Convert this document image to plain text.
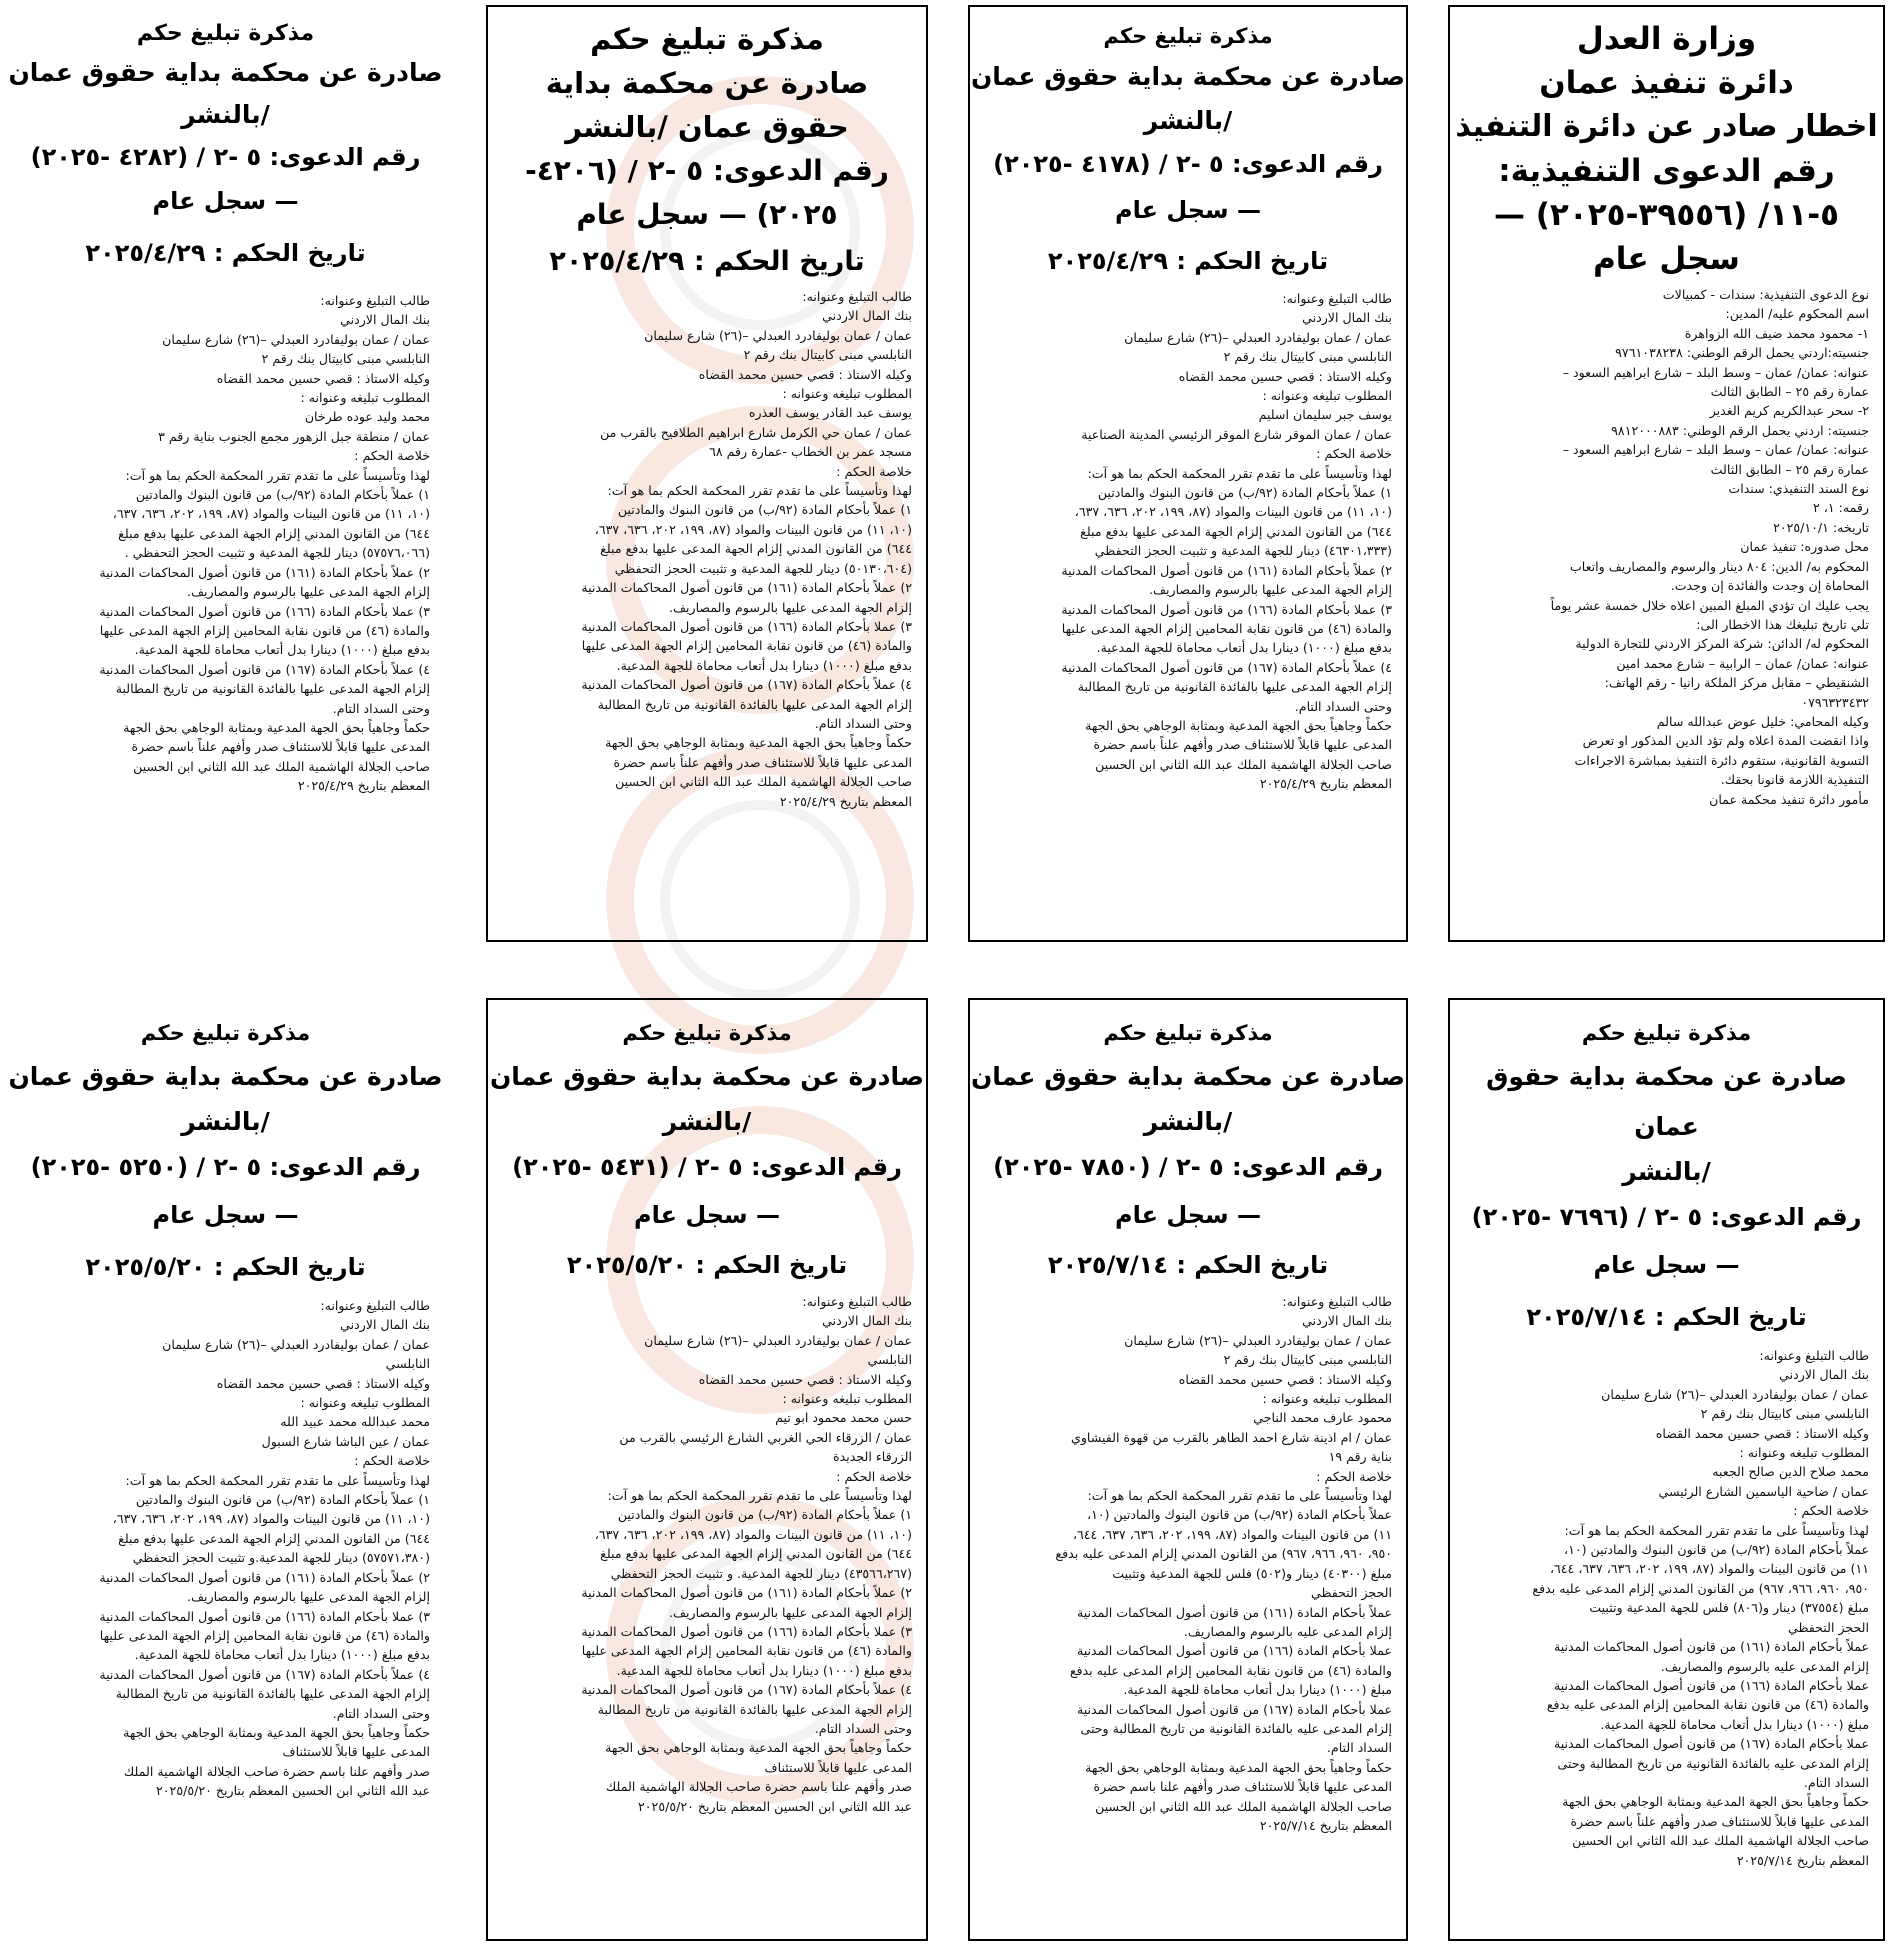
وزارة العدل
دائرة تنفيذ عمان
اخطار صادر عن دائرة التنفيذ
رقم الدعوى التنفيذية:
٥-١١/ (٣٩٥٥٦-٢٠٢٥) —
سجل عام
نوع الدعوى التنفيذية: سندات - كمبيالات
اسم المحكوم عليه/ المدين:
١- محمود محمد ضيف الله الزواهرة
جنسيته:اردني يحمل الرقم الوطني: ٩٧٦١٠٣٨٢٣٨
عنوانه: عمان/ عمان – وسط البلد – شارع ابراهيم السعود –
عمارة رقم ٢٥ – الطابق الثالث
٢- سحر عبدالكريم كريم الغدير
جنسيته: اردني يحمل الرقم الوطني: ٩٨١٢٠٠٠٨٨٣
عنوانه: عمان/ عمان – وسط البلد – شارع ابراهيم السعود –
عمارة رقم ٢٥ – الطابق الثالث
نوع السند التنفيذي: سندات
رقمه: ١، ٢
تاريخه: ٢٠٢٥/١٠/١
محل صدوره: تنفيذ عمان
المحكوم به/ الدين: ٨٠٤ دينار والرسوم والمصاريف واتعاب
المحاماة إن وجدت والفائدة إن وجدت.
يجب عليك ان تؤدي المبلغ المبين اعلاه خلال خمسة عشر يوماً
تلي تاريخ تبليغك هذا الاخطار الى:
المحكوم له/ الدائن: شركة المركز الاردني للتجارة الدولية
عنوانه: عمان/ عمان – الرابية – شارع محمد امين
الشنقيطي – مقابل مركز الملكة رانيا - رقم الهاتف:
٠٧٩٦٣٢٣٤٣٢
وكيله المحامي: خليل عوض عبدالله سالم
واذا انقضت المدة اعلاه ولم تؤد الدين المذكور او تعرض
التسوية القانونية، ستقوم دائرة التنفيذ بمباشرة الاجراءات
التنفيذية اللازمة قانونا بحقك.
مأمور دائرة تنفيذ محكمة عمان
مذكرة تبليغ حكم
صادرة عن محكمة بداية حقوق عمان
/بالنشر
رقم الدعوى: ٥ -٢ / (٤١٧٨ -٢٠٢٥)
— سجل عام
تاريخ الحكم : ٢٠٢٥/٤/٢٩
طالب التبليغ وعنوانه:
بنك المال الاردني
عمان / عمان بوليفادرد العبدلي –(٢٦) شارع سليمان
النابلسي مبنى كابيتال بنك رقم ٢
وكيله الاستاذ : قصي حسين محمد القضاه
المطلوب تبليغه وعنوانه :
يوسف جبر سليمان اسليم
عمان / عمان الموقر شارع الموقر الرئيسي المدينة الصناعية
خلاصة الحكم :
لهذا وتأسيساً على ما تقدم تقرر المحكمة الحكم بما هو آت:
١) عملاً بأحكام المادة (٩٢/ب) من قانون البنوك والمادتين
(١٠، ١١) من قانون البينات والمواد (٨٧، ١٩٩، ٢٠٢، ٦٣٦، ٦٣٧،
٦٤٤) من القانون المدني إلزام الجهة المدعى عليها بدفع مبلغ
(٤٦٣٠١،٣٣٣) دينار للجهة المدعية و تثبيت الحجز التحفظي
٢) عملاً بأحكام المادة (١٦١) من قانون أصول المحاكمات المدنية
إلزام الجهة المدعى عليها بالرسوم والمصاريف.
٣) عملا بأحكام المادة (١٦٦) من قانون أصول المحاكمات المدنية
والمادة (٤٦) من قانون نقابة المحامين إلزام الجهة المدعى عليها
بدفع مبلغ (١٠٠٠) دينارا بدل أتعاب محاماة للجهة المدعية.
٤) عملاً بأحكام المادة (١٦٧) من قانون أصول المحاكمات المدنية
إلزام الجهة المدعى عليها بالفائدة القانونية من تاريخ المطالبة
وحتى السداد التام.
حكماً وجاهياً بحق الجهة المدعية وبمثابة الوجاهي بحق الجهة
المدعى عليها قابلاً للاستئناف صدر وأفهم علناً باسم حضرة
صاحب الجلالة الهاشمية الملك عبد الله الثاني ابن الحسين
المعظم بتاريخ ٢٠٢٥/٤/٢٩
مذكرة تبليغ حكم
صادرة عن محكمة بداية
حقوق عمان /بالنشر
رقم الدعوى: ٥ -٢ / (٤٢٠٦-
٢٠٢٥) — سجل عام
تاريخ الحكم : ٢٠٢٥/٤/٢٩
طالب التبليغ وعنوانه:
بنك المال الاردني
عمان / عمان بوليفادرد العبدلي –(٢٦) شارع سليمان
النابلسي مبنى كابيتال بنك رقم ٢
وكيله الاستاذ : قصي حسين محمد القضاه
المطلوب تبليغه وعنوانه :
يوسف عبد القادر يوسف العذره
عمان / عمان حي الكرمل شارع ابراهيم الطلافيح بالقرب من
مسجد عمر بن الخطاب -عمارة رقم ٦٨
خلاصة الحكم :
لهذا وتأسيساً على ما تقدم تقرر المحكمة الحكم بما هو آت:
١) عملاً بأحكام المادة (٩٢/ب) من قانون البنوك والمادتين
(١٠، ١١) من قانون البينات والمواد (٨٧، ١٩٩، ٢٠٢، ٦٣٦، ٦٣٧،
٦٤٤) من القانون المدني إلزام الجهة المدعى عليها بدفع مبلغ
(٥٠١٣٠،٦٠٤) دينار للجهة المدعية و تثبيت الحجز التحفظي
٢) عملاً بأحكام المادة (١٦١) من قانون أصول المحاكمات المدنية
إلزام الجهة المدعى عليها بالرسوم والمصاريف.
٣) عملا بأحكام المادة (١٦٦) من قانون أصول المحاكمات المدنية
والمادة (٤٦) من قانون نقابة المحامين إلزام الجهة المدعى عليها
بدفع مبلغ (١٠٠٠) دينارا بدل أتعاب محاماة للجهة المدعية.
٤) عملاً بأحكام المادة (١٦٧) من قانون أصول المحاكمات المدنية
إلزام الجهة المدعى عليها بالفائدة القانونية من تاريخ المطالبة
وحتى السداد التام.
حكماً وجاهياً بحق الجهة المدعية وبمثابة الوجاهي بحق الجهة
المدعى عليها قابلاً للاستئناف صدر وأفهم علناً باسم حضرة
صاحب الجلالة الهاشمية الملك عبد الله الثاني ابن الحسين
المعظم بتاريخ ٢٠٢٥/٤/٢٩
مذكرة تبليغ حكم
صادرة عن محكمة بداية حقوق عمان
/بالنشر
رقم الدعوى: ٥ -٢ / (٤٢٨٢ -٢٠٢٥)
— سجل عام
تاريخ الحكم : ٢٠٢٥/٤/٢٩
طالب التبليغ وعنوانه:
بنك المال الاردني
عمان / عمان بوليفادرد العبدلي –(٢٦) شارع سليمان
النابلسي مبنى كابيتال بنك رقم ٢
وكيله الاستاذ : قصي حسين محمد القضاه
المطلوب تبليغه وعنوانه :
محمد وليد عوده طرخان
عمان / منطقة جبل الزهور مجمع الجنوب بناية رقم ٣
خلاصة الحكم :
لهذا وتأسيساً على ما تقدم تقرر المحكمة الحكم بما هو آت:
١) عملاً بأحكام المادة (٩٢/ب) من قانون البنوك والمادتين
(١٠، ١١) من قانون البينات والمواد (٨٧، ١٩٩، ٢٠٢، ٦٣٦، ٦٣٧،
٦٤٤) من القانون المدني إلزام الجهة المدعى عليها بدفع مبلغ
(٥٧٥٧٦،٠٦٦) دينار للجهة المدعية و تثبيت الحجز التحفظي .
٢) عملاً بأحكام المادة (١٦١) من قانون أصول المحاكمات المدنية
إلزام الجهة المدعى عليها بالرسوم والمصاريف.
٣) عملا بأحكام المادة (١٦٦) من قانون أصول المحاكمات المدنية
والمادة (٤٦) من قانون نقابة المحامين إلزام الجهة المدعى عليها
بدفع مبلغ (١٠٠٠) دينارا بدل أتعاب محاماة للجهة المدعية.
٤) عملاً بأحكام المادة (١٦٧) من قانون أصول المحاكمات المدنية
إلزام الجهة المدعى عليها بالفائدة القانونية من تاريخ المطالبة
وحتى السداد التام.
حكماً وجاهياً بحق الجهة المدعية وبمثابة الوجاهي بحق الجهة
المدعى عليها قابلاً للاستئناف صدر وأفهم علناً باسم حضرة
صاحب الجلالة الهاشمية الملك عبد الله الثاني ابن الحسين
المعظم بتاريخ ٢٠٢٥/٤/٢٩
مذكرة تبليغ حكم
صادرة عن محكمة بداية حقوق عمان
/بالنشر
رقم الدعوى: ٥ -٢ / (٧٦٩٦ -٢٠٢٥)
— سجل عام
تاريخ الحكم : ٢٠٢٥/٧/١٤
طالب التبليغ وعنوانه:
بنك المال الاردني
عمان / عمان بوليفادرد العبدلي –(٢٦) شارع سليمان
النابلسي مبنى كابيتال بنك رقم ٢
وكيله الاستاذ : قصي حسين محمد القضاه
المطلوب تبليغه وعنوانه :
محمد صلاح الدين صالح الجعبه
عمان / ضاحية الياسمين الشارع الرئيسي
خلاصة الحكم :
لهذا وتأسيساً على ما تقدم تقرر المحكمة الحكم بما هو آت:
عملاً بأحكام المادة (٩٢/ب) من قانون البنوك والمادتين (١٠،
١١) من قانون البينات والمواد (٨٧، ١٩٩، ٢٠٢، ٦٣٦، ٦٣٧، ٦٤٤،
٩٥٠، ٩٦٠، ٩٦٦، ٩٦٧) من القانون المدني إلزام المدعى عليه بدفع
مبلغ (٣٧٥٥٤) دينار و(٨٠٦) فلس للجهة المدعية وتثبيت
الحجز التحفظي
عملاً بأحكام المادة (١٦١) من قانون أصول المحاكمات المدنية
إلزام المدعى عليه بالرسوم والمصاريف.
عملا بأحكام المادة (١٦٦) من قانون أصول المحاكمات المدنية
والمادة (٤٦) من قانون نقابة المحامين إلزام المدعى عليه بدفع
مبلغ (١٠٠٠) دينارا بدل أتعاب محاماة للجهة المدعية.
عملا بأحكام المادة (١٦٧) من قانون أصول المحاكمات المدنية
إلزام المدعى عليه بالفائدة القانونية من تاريخ المطالبة وحتى
السداد التام.
حكماً وجاهياً بحق الجهة المدعية وبمثابة الوجاهي بحق الجهة
المدعى عليها قابلاً للاستئناف صدر وأفهم علناً باسم حضرة
صاحب الجلالة الهاشمية الملك عبد الله الثاني ابن الحسين
المعظم بتاريخ ٢٠٢٥/٧/١٤
مذكرة تبليغ حكم
صادرة عن محكمة بداية حقوق عمان
/بالنشر
رقم الدعوى: ٥ -٢ / (٧٨٥٠ -٢٠٢٥)
— سجل عام
تاريخ الحكم : ٢٠٢٥/٧/١٤
طالب التبليغ وعنوانه:
بنك المال الاردني
عمان / عمان بوليفادرد العبدلي –(٢٦) شارع سليمان
النابلسي مبنى كابيتال بنك رقم ٢
وكيله الاستاذ : قصي حسين محمد القضاه
المطلوب تبليغه وعنوانه :
محمود عارف محمد الناجي
عمان / ام اذينة شارع احمد الطاهر بالقرب من قهوة الفيشاوي
بناية رقم ١٩
خلاصة الحكم :
لهذا وتأسيساً على ما تقدم تقرر المحكمة الحكم بما هو آت:
عملاً بأحكام المادة (٩٢/ب) من قانون البنوك والمادتين (١٠،
١١) من قانون البينات والمواد (٨٧، ١٩٩، ٢٠٢، ٦٣٦، ٦٣٧، ٦٤٤،
٩٥٠، ٩٦٠، ٩٦٦، ٩٦٧) من القانون المدني إلزام المدعى عليه بدفع
مبلغ (٤٠٣٠٠) دينار و(٥٠٢) فلس للجهة المدعية وتثبيت
الحجز التحفظي
عملاً بأحكام المادة (١٦١) من قانون أصول المحاكمات المدنية
إلزام المدعى عليه بالرسوم والمصاريف.
عملا بأحكام المادة (١٦٦) من قانون أصول المحاكمات المدنية
والمادة (٤٦) من قانون نقابة المحامين إلزام المدعى عليه بدفع
مبلغ (١٠٠٠) دينارا بدل أتعاب محاماة للجهة المدعية.
عملا بأحكام المادة (١٦٧) من قانون أصول المحاكمات المدنية
إلزام المدعى عليه بالفائدة القانونية من تاريخ المطالبة وحتى
السداد التام.
حكماً وجاهياً بحق الجهة المدعية وبمثابة الوجاهي بحق الجهة
المدعى عليها قابلاً للاستئناف صدر وأفهم علنا باسم حضرة
صاحب الجلالة الهاشمية الملك عبد الله الثاني ابن الحسين
المعظم بتاريخ ٢٠٢٥/٧/١٤
مذكرة تبليغ حكم
صادرة عن محكمة بداية حقوق عمان
/بالنشر
رقم الدعوى: ٥ -٢ / (٥٤٣١ -٢٠٢٥)
— سجل عام
تاريخ الحكم : ٢٠٢٥/٥/٢٠
طالب التبليغ وعنوانه:
بنك المال الاردني
عمان / عمان بوليفادرد العبدلي –(٢٦) شارع سليمان
النابلسي
وكيله الاستاذ : قصي حسين محمد القضاه
المطلوب تبليغه وعنوانه :
حسن محمد محمود ابو تيم
عمان / الزرقاء الحي الغربي الشارع الرئيسي بالقرب من
الزرقاء الجديدة
خلاصة الحكم :
لهذا وتأسيساً على ما تقدم تقرر المحكمة الحكم بما هو آت:
١) عملاً بأحكام المادة (٩٢/ب) من قانون البنوك والمادتين
(١٠، ١١) من قانون البينات والمواد (٨٧، ١٩٩، ٢٠٢، ٦٣٦، ٦٣٧،
٦٤٤) من القانون المدني إلزام الجهة المدعى عليها بدفع مبلغ
(٤٣٥٦٦،٢٦٧) دينار للجهة المدعية. و تثبيت الحجز التحفظي
٢) عملاً بأحكام المادة (١٦١) من قانون أصول المحاكمات المدنية
إلزام الجهة المدعى عليها بالرسوم والمصاريف.
٣) عملا بأحكام المادة (١٦٦) من قانون أصول المحاكمات المدنية
والمادة (٤٦) من قانون نقابة المحامين إلزام الجهة المدعى عليها
بدفع مبلغ (١٠٠٠) دينارا بدل أتعاب محاماة للجهة المدعية.
٤) عملاً بأحكام المادة (١٦٧) من قانون أصول المحاكمات المدنية
إلزام الجهة المدعى عليها بالفائدة القانونية من تاريخ المطالبة
وحتى السداد التام.
حكماً وجاهياً بحق الجهة المدعية وبمثابة الوجاهي بحق الجهة
المدعى عليها قابلاً للاستئناف
صدر وأفهم علنا باسم حضرة صاحب الجلالة الهاشمية الملك
عبد الله الثاني ابن الحسين المعظم بتاريخ ٢٠٢٥/٥/٢٠
مذكرة تبليغ حكم
صادرة عن محكمة بداية حقوق عمان
/بالنشر
رقم الدعوى: ٥ -٢ / (٥٢٥٠ -٢٠٢٥)
— سجل عام
تاريخ الحكم : ٢٠٢٥/٥/٢٠
طالب التبليغ وعنوانه:
بنك المال الاردني
عمان / عمان بوليفادرد العبدلي –(٢٦) شارع سليمان
النابلسي
وكيله الاستاذ : قصي حسين محمد القضاه
المطلوب تبليغه وعنوانه :
محمد عبدالله محمد عبيد الله
عمان / عين الباشا شارع السبول
خلاصة الحكم :
لهذا وتأسيساً على ما تقدم تقرر المحكمة الحكم بما هو آت:
١) عملاً بأحكام المادة (٩٢/ب) من قانون البنوك والمادتين
(١٠، ١١) من قانون البينات والمواد (٨٧، ١٩٩، ٢٠٢، ٦٣٦، ٦٣٧،
٦٤٤) من القانون المدني إلزام الجهة المدعى عليها بدفع مبلغ
(٥٧٥٧١،٣٨٠) دينار للجهة المدعية.و تثبيت الحجز التحفظي
٢) عملاً بأحكام المادة (١٦١) من قانون أصول المحاكمات المدنية
إلزام الجهة المدعى عليها بالرسوم والمصاريف.
٣) عملا بأحكام المادة (١٦٦) من قانون أصول المحاكمات المدنية
والمادة (٤٦) من قانون نقابة المحامين إلزام الجهة المدعى عليها
بدفع مبلغ (١٠٠٠) دينارا بدل أتعاب محاماة للجهة المدعية.
٤) عملاً بأحكام المادة (١٦٧) من قانون أصول المحاكمات المدنية
إلزام الجهة المدعى عليها بالفائدة القانونية من تاريخ المطالبة
وحتى السداد التام.
حكماً وجاهياً بحق الجهة المدعية وبمثابة الوجاهي بحق الجهة
المدعى عليها قابلاً للاستئناف
صدر وأفهم علنا باسم حضرة صاحب الجلالة الهاشمية الملك
عبد الله الثاني ابن الحسين المعظم بتاريخ ٢٠٢٥/٥/٢٠
